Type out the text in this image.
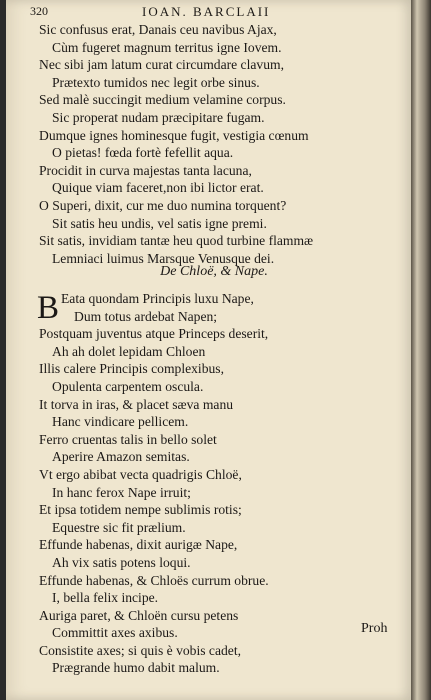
320	IOAN. BARCLAII
Sic confusus erat, Danais ceu navibus Ajax,
Cùm fugeret magnum territus igne Iovem.
Nec sibi jam latum curat circumdare clavum,
Prætexto tumidos nec legit orbe sinus.
Sed malè succingit medium velamine corpus.
Sic properat nudam præcipitare fugam.
Dumque ignes hominesque fugit, vestigia cœnum
O pietas! fœda fortè fefellit aqua.
Procidit in curva majestas tanta lacuna,
Quique viam faceret,non ibi lictor erat.
O Superi, dixit, cur me duo numina torquent?
Sit satis heu undis, vel satis igne premi.
Sit satis, invidiam tantæ heu quod turbine flammæ
Lemniaci luimus Marsque Venusque dei.
De Chloë, & Nape.
B Eata quondam Principis luxu Nape,
Dum totus ardebat Napen;
Postquam juventus atque Princeps deserit,
Ah ah dolet lepidam Chloen
Illis calere Principis complexibus,
Opulenta carpentem oscula.
It torva in iras, & placet sæva manu
Hanc vindicare pellicem.
Ferro cruentas talis in bello solet
Aperire Amazon semitas.
Vt ergo abibat vecta quadrigis Chloë,
In hanc ferox Nape irruit;
Et ipsa totidem nempe sublimis rotis;
Equestre sic fit prælium.
Effunde habenas, dixit aurigæ Nape,
Ah vix satis potens loqui.
Effunde habenas, & Chloës currum obrue.
I, bella felix incipe.
Auriga paret, & Chloën cursu petens
Committit axes axibus.
Consistite axes; si quis è vobis cadet,
Prægrande humo dabit malum.
Proh
